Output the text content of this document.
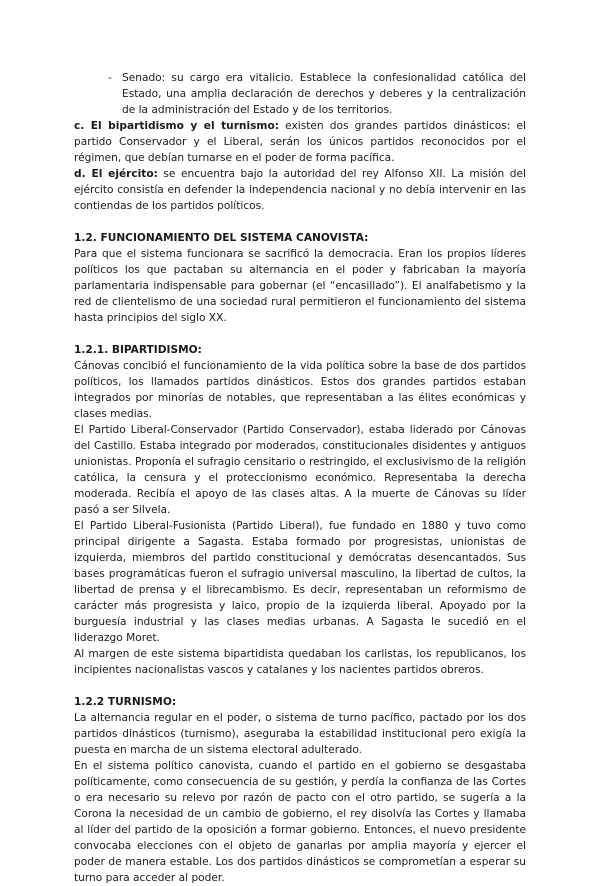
- Senado: su cargo era vitalicio. Establece la confesionalidad católica del Estado, una amplia declaración de derechos y deberes y la centralización de la administración del Estado y de los territorios.

c. El bipartidismo y el turnismo: existen dos grandes partidos dinásticos: el partido Conservador y el Liberal, serán los únicos partidos reconocidos por el régimen, que debían turnarse en el poder de forma pacífica.

d. El ejército: se encuentra bajo la autoridad del rey Alfonso XII. La misión del ejército consistía en defender la independencia nacional y no debía intervenir en las contiendas de los partidos políticos.

1.2. FUNCIONAMIENTO DEL SISTEMA CANOVISTA:

Para que el sistema funcionara se sacrificó la democracia. Eran los propios líderes políticos los que pactaban su alternancia en el poder y fabricaban la mayoría parlamentaria indispensable para gobernar (el “encasillado”). El analfabetismo y la red de clientelismo de una sociedad rural permitieron el funcionamiento del sistema hasta principios del siglo XX.

1.2.1. BIPARTIDISMO:

Cánovas concibió el funcionamiento de la vida política sobre la base de dos partidos políticos, los llamados partidos dinásticos. Estos dos grandes partidos estaban integrados por minorías de notables, que representaban a las élites económicas y clases medias.

El Partido Liberal-Conservador (Partido Conservador), estaba liderado por Cánovas del Castillo. Estaba integrado por moderados, constitucionales disidentes y antiguos unionistas. Proponía el sufragio censitario o restringido, el exclusivismo de la religión católica, la censura y el proteccionismo económico. Representaba la derecha moderada. Recibía el apoyo de las clases altas. A la muerte de Cánovas su líder pasó a ser Silvela.

El Partido Liberal-Fusionista (Partido Liberal), fue fundado en 1880 y tuvo como principal dirigente a Sagasta. Estaba formado por progresistas, unionistas de izquierda, miembros del partido constitucional y demócratas desencantados. Sus bases programáticas fueron el sufragio universal masculino, la libertad de cultos, la libertad de prensa y el librecambismo. Es decir, representaban un reformismo de carácter más progresista y laico, propio de la izquierda liberal. Apoyado por la burguesía industrial y las clases medias urbanas. A Sagasta le sucedió en el liderazgo Moret.

Al margen de este sistema bipartidista quedaban los carlistas, los republicanos, los incipientes nacionalistas vascos y catalanes y los nacientes partidos obreros.

1.2.2 TURNISMO:

La alternancia regular en el poder, o sistema de turno pacífico, pactado por los dos partidos dinásticos (turnismo), aseguraba la estabilidad institucional pero exigía la puesta en marcha de un sistema electoral adulterado.

En el sistema político canovista, cuando el partido en el gobierno se desgastaba políticamente, como consecuencia de su gestión, y perdía la confianza de las Cortes o era necesario su relevo por razón de pacto con el otro partido, se sugería a la Corona la necesidad de un cambio de gobierno, el rey disolvía las Cortes y llamaba al líder del partido de la oposición a formar gobierno. Entonces, el nuevo presidente convocaba elecciones con el objeto de ganarlas por amplia mayoría y ejercer el poder de manera estable. Los dos partidos dinásticos se comprometían a esperar su turno para acceder al poder.
